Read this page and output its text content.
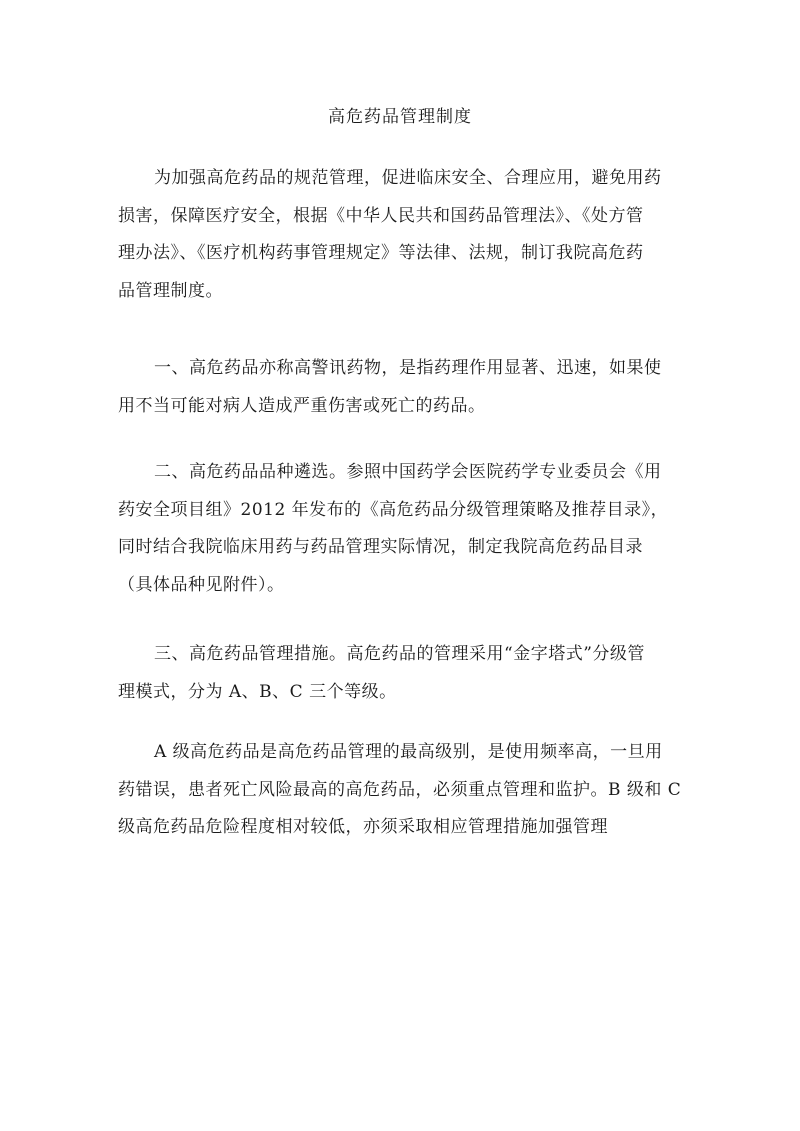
高危药品管理制度
为加强高危药品的规范管理，促进临床安全、合理应用，避免用药
损害，保障医疗安全，根据《中华人民共和国药品管理法》、《处方管
理办法》、《医疗机构药事管理规定》等法律、法规，制订我院高危药
品管理制度。
一、高危药品亦称高警讯药物，是指药理作用显著、迅速，如果使
用不当可能对病人造成严重伤害或死亡的药品。
二、高危药品品种遴选。参照中国药学会医院药学专业委员会《用
药安全项目组》2012 年发布的《高危药品分级管理策略及推荐目录》，
同时结合我院临床用药与药品管理实际情况，制定我院高危药品目录
（具体品种见附件）。
三、高危药品管理措施。高危药品的管理采用“金字塔式”分级管
理模式，分为 A、B、C 三个等级。
A 级高危药品是高危药品管理的最高级别，是使用频率高，一旦用
药错误，患者死亡风险最高的高危药品，必须重点管理和监护。B 级和 C
级高危药品危险程度相对较低，亦须采取相应管理措施加强管理
